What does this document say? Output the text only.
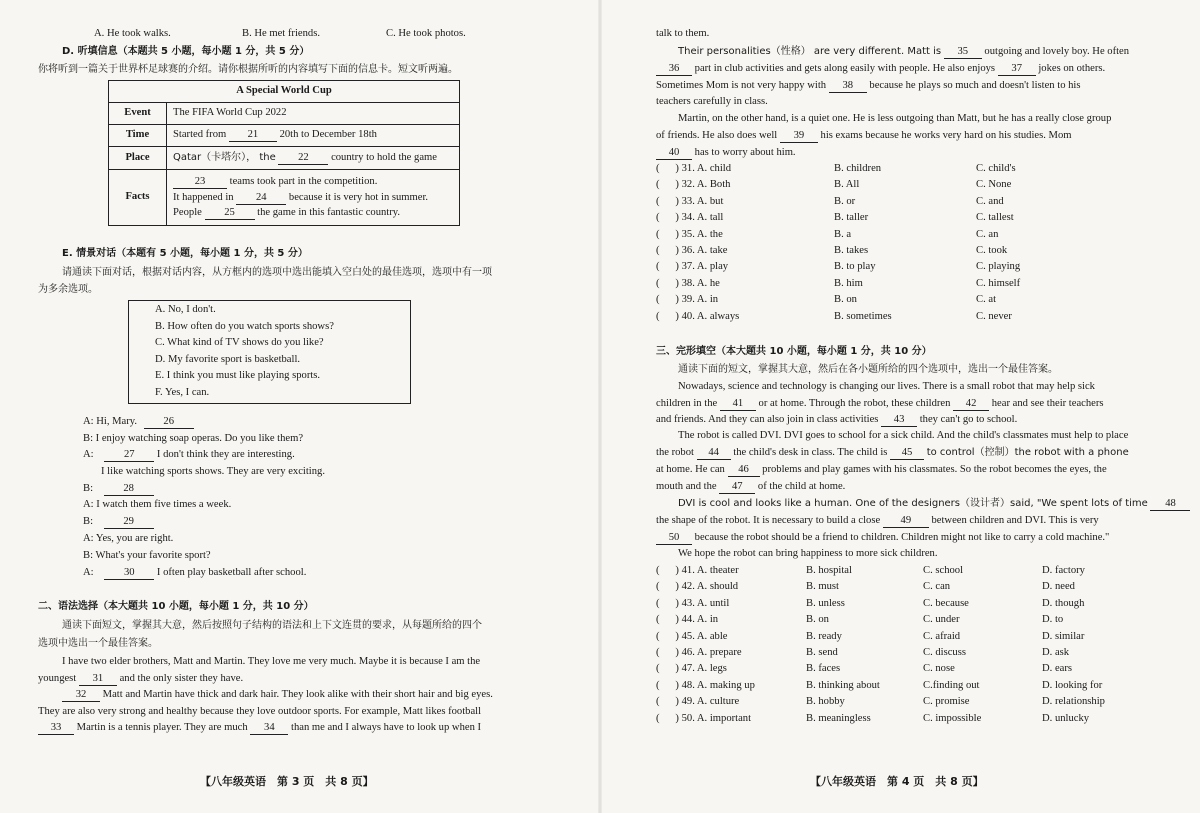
A. He took walks.	B. He met friends.	C. He took photos.
D. 听填信息（本题共 5 小题，每小题 1 分，共 5 分）
你将听到一篇关于世界杯足球赛的介绍。请你根据所听的内容填写下面的信息卡。短文听两遍。
A Special World Cup	
Event	The FIFA World Cup 2022
Time	Started from 21 20th to December 18th
Place	Qatar（卡塔尔）， the 22 country to hold the game
Facts	23 teams took part in the competition.
It happened in 24 because it is very hot in summer.
People 25 the game in this fantastic country.
E. 情景对话（本题有 5 小题，每小题 1 分，共 5 分）
请通读下面对话，根据对话内容，从方框内的选项中选出能填入空白处的最佳选项，选项中有一项
为多余选项。
A. No, I don't.
B. How often do you watch sports shows?
C. What kind of TV shows do you like?
D. My favorite sport is basketball.
E. I think you must like playing sports.
F. Yes, I can.
A: Hi, Mary. 26
B: I enjoy watching soap operas. Do you like them?
A:	27 I don't think they are interesting.
I like watching sports shows. They are very exciting.
B:	28
A: I watch them five times a week.
B:	29
A: Yes, you are right.
B: What's your favorite sport?
A:	30 I often play basketball after school.
二、语法选择（本大题共 10 小题，每小题 1 分，共 10 分）
通读下面短文，掌握其大意，然后按照句子结构的语法和上下文连贯的要求，从每题所给的四个
选项中选出一个最佳答案。
I have two elder brothers, Matt and Martin. They love me very much. Maybe it is because I am the
youngest 31 and the only sister they have.
32 Matt and Martin have thick and dark hair. They look alike with their short hair and big eyes.
They are also very strong and healthy because they love outdoor sports. For example, Matt likes football
33 Martin is a tennis player. They are much 34 than me and I always have to look up when I
【八年级英语　第 3 页　共 8 页】
talk to them.
Their personalities（性格） are very different. Matt is 35 outgoing and lovely boy. He often
36 part in club activities and gets along easily with people. He also enjoys 37 jokes on others.
Sometimes Mom is not very happy with 38 because he plays so much and doesn't listen to his
teachers carefully in class.
Martin, on the other hand, is a quiet one. He is less outgoing than Matt, but he has a really close group
of friends. He also does well 39 his exams because he works very hard on his studies. Mom
40 has to worry about him.
( 　 ) 31. A. child	B. children	C. child's
( 　 ) 32. A. Both	B. All	C. None
( 　 ) 33. A. but	B. or	C. and
( 　 ) 34. A. tall	B. taller	C. tallest
( 　 ) 35. A. the	B. a	C. an
( 　 ) 36. A. take	B. takes	C. took
( 　 ) 37. A. play	B. to play	C. playing
( 　 ) 38. A. he	B. him	C. himself
( 　 ) 39. A. in	B. on	C. at
( 　 ) 40. A. always	B. sometimes	C. never
三、完形填空（本大题共 10 小题，每小题 1 分，共 10 分）
通读下面的短文，掌握其大意，然后在各小题所给的四个选项中，选出一个最佳答案。
Nowadays, science and technology is changing our lives. There is a small robot that may help sick
children in the 41 or at home. Through the robot, these children 42 hear and see their teachers
and friends. And they can also join in class activities 43 they can't go to school.
The robot is called DVI. DVI goes to school for a sick child. And the child's classmates must help to place
the robot 44 the child's desk in class. The child is 45 to control（控制）the robot with a phone
at home. He can 46 problems and play games with his classmates. So the robot becomes the eyes, the
mouth and the 47 of the child at home.
DVI is cool and looks like a human. One of the designers（设计者）said, "We spent lots of time 48
the shape of the robot. It is necessary to build a close 49 between children and DVI. This is very
50 because the robot should be a friend to children. Children might not like to carry a cold machine."
We hope the robot can bring happiness to more sick children.
( 　 ) 41. A. theater	B. hospital	C. school	D. factory
( 　 ) 42. A. should	B. must	C. can	D. need
( 　 ) 43. A. until	B. unless	C. because	D. though
( 　 ) 44. A. in	B. on	C. under	D. to
( 　 ) 45. A. able	B. ready	C. afraid	D. similar
( 　 ) 46. A. prepare	B. send	C. discuss	D. ask
( 　 ) 47. A. legs	B. faces	C. nose	D. ears
( 　 ) 48. A. making up	B. thinking about	C.finding out	D. looking for
( 　 ) 49. A. culture	B. hobby	C. promise	D. relationship
( 　 ) 50. A. important	B. meaningless	C. impossible	D. unlucky
【八年级英语　第 4 页　共 8 页】
